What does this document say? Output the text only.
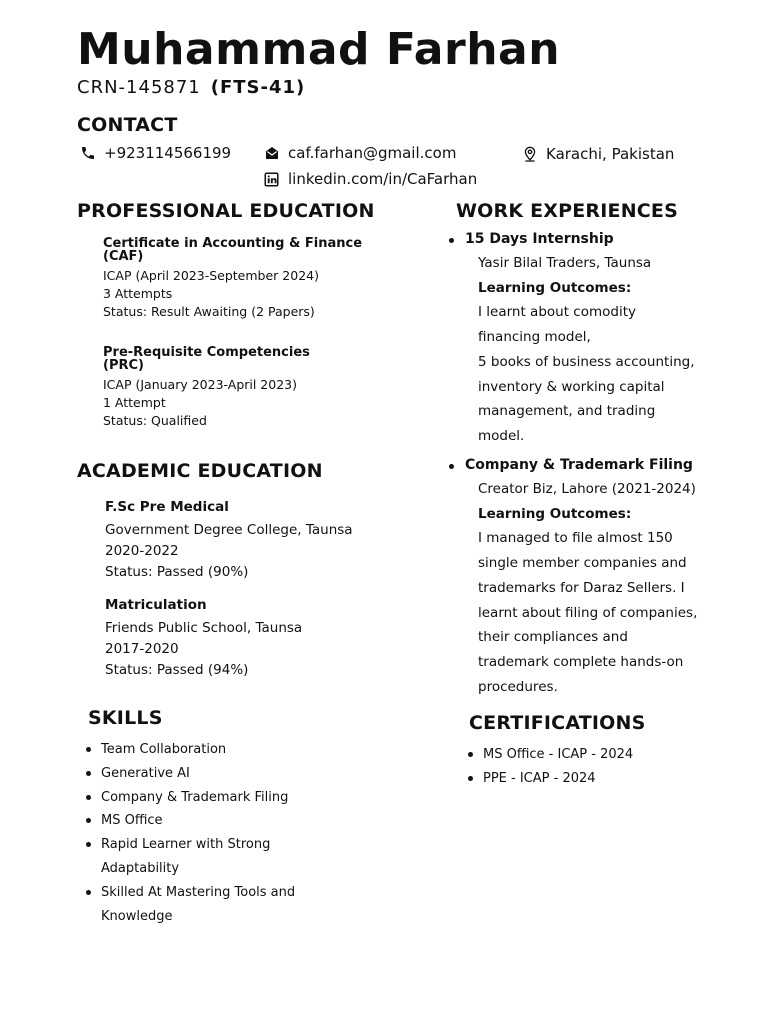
Muhammad Farhan
CRN-145871 (FTS-41)
CONTACT
+923114566199	caf.farhan@gmail.com	Karachi, Pakistan
linkedin.com/in/CaFarhan
PROFESSIONAL EDUCATION
Certificate in Accounting & Finance (CAF)
ICAP (April 2023-September 2024)
3 Attempts
Status: Result Awaiting (2 Papers)
Pre-Requisite Competencies (PRC)
ICAP (January 2023-April 2023)
1 Attempt
Status: Qualified
ACADEMIC EDUCATION
F.Sc Pre Medical
Government Degree College, Taunsa
2020-2022
Status: Passed (90%)
Matriculation
Friends Public School, Taunsa
2017-2020
Status: Passed (94%)
SKILLS
Team Collaboration
Generative AI
Company & Trademark Filing
MS Office
Rapid Learner with Strong Adaptability
Skilled At Mastering Tools and Knowledge
WORK EXPERIENCES
15 Days Internship
Yasir Bilal Traders, Taunsa
Learning Outcomes:
I learnt about comodity
financing model,
5 books of business accounting,
inventory & working capital
management, and trading
model.
Company & Trademark Filing
Creator Biz, Lahore (2021-2024)
Learning Outcomes:
I managed to file almost 150
single member companies and
trademarks for Daraz Sellers. I
learnt about filing of companies,
their compliances and
trademark complete hands-on
procedures.
CERTIFICATIONS
MS Office - ICAP - 2024
PPE - ICAP - 2024
